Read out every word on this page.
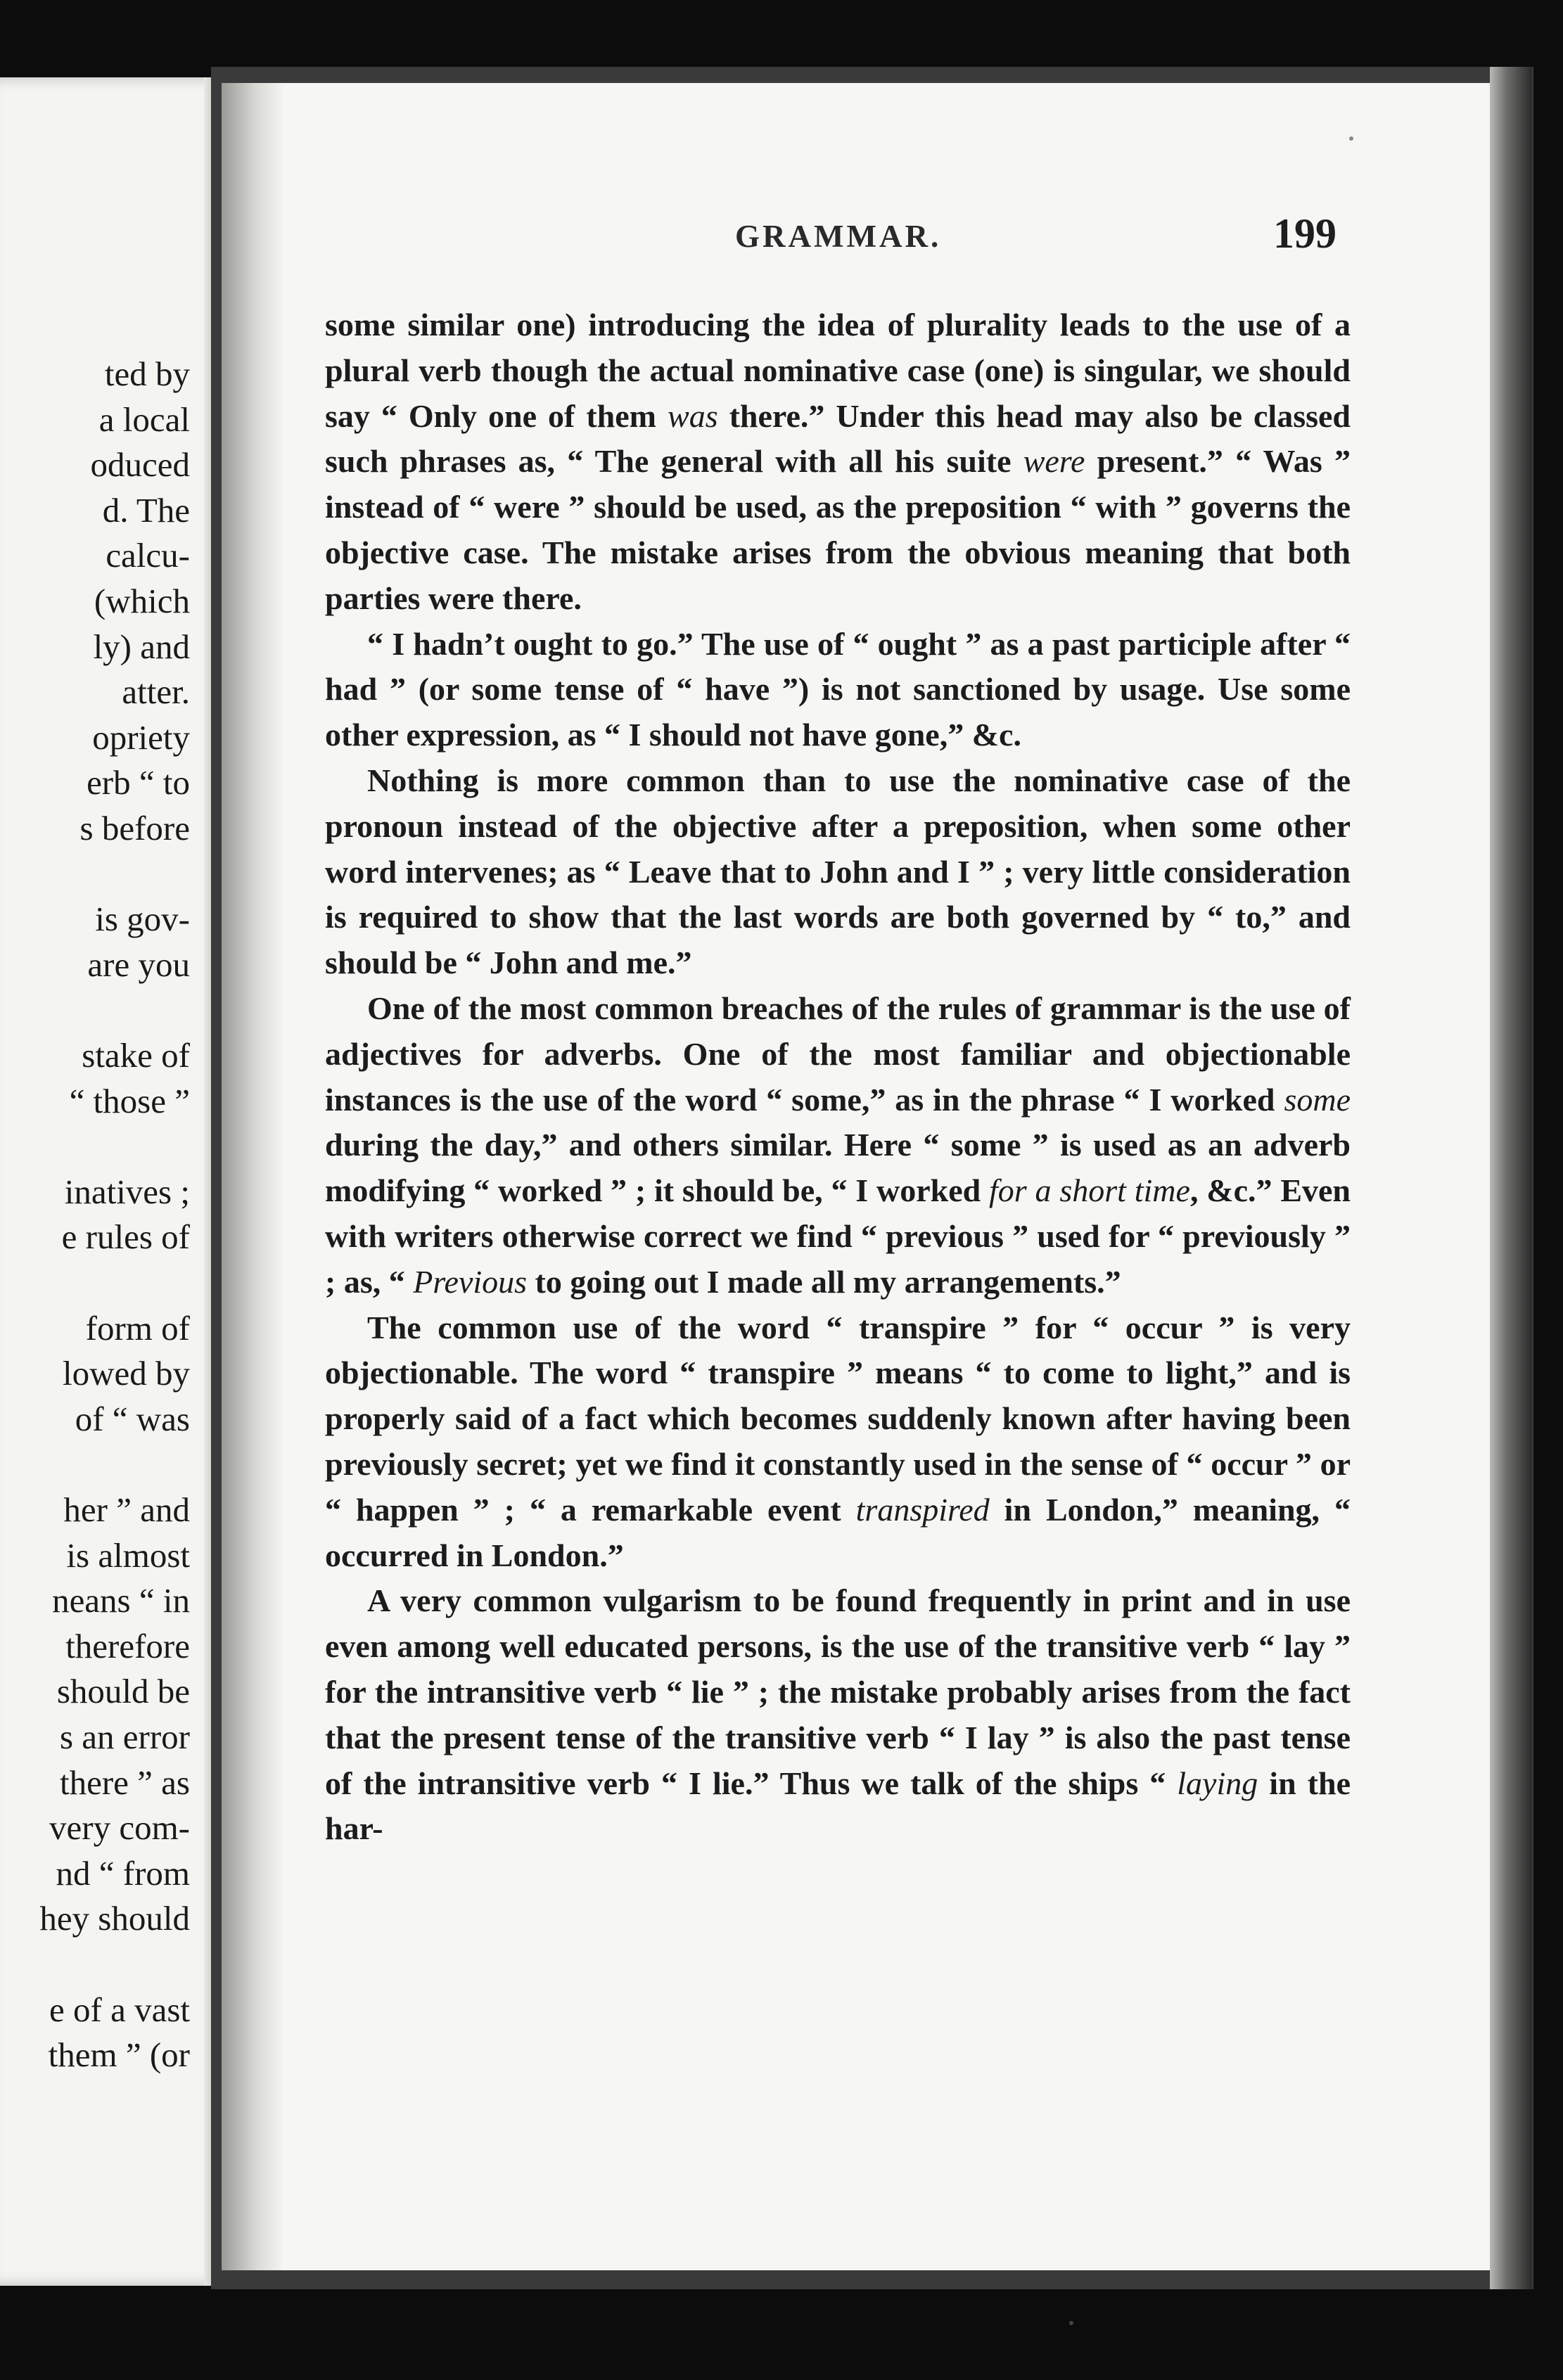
ted by
a local
oduced
d. The
calcu-
(which
ly) and
atter.
opriety
erb “ to
s before
is gov-
are you
stake of
“ those ”
inatives ;
e rules of
form of
lowed by
of “ was
her ” and
is almost
neans “ in
therefore
should be
s an error
there ” as
very com-
nd “ from
hey should
e of a vast
them ” (or
GRAMMAR.	199

some similar one) introducing the idea of plurality leads to the use of a plural verb though the actual nominative case (one) is singular, we should say “ Only one of them was there.” Under this head may also be classed such phrases as, “ The general with all his suite were present.” “ Was ” instead of “ were ” should be used, as the preposition “ with ” governs the objective case. The mistake arises from the obvious meaning that both parties were there.

“ I hadn’t ought to go.” The use of “ ought ” as a past participle after “ had ” (or some tense of “ have ”) is not sanctioned by usage. Use some other expression, as “ I should not have gone,” &c.

Nothing is more common than to use the nominative case of the pronoun instead of the objective after a preposition, when some other word intervenes; as “ Leave that to John and I ” ; very little consideration is required to show that the last words are both governed by “ to,” and should be “ John and me.”

One of the most common breaches of the rules of grammar is the use of adjectives for adverbs. One of the most familiar and objectionable instances is the use of the word “ some,” as in the phrase “ I worked some during the day,” and others similar. Here “ some ” is used as an adverb modifying “ worked ” ; it should be, “ I worked for a short time, &c.” Even with writers otherwise correct we find “ previous ” used for “ previously ” ; as, “ Previous to going out I made all my arrangements.”

The common use of the word “ transpire ” for “ occur ” is very objectionable. The word “ transpire ” means “ to come to light,” and is properly said of a fact which becomes suddenly known after having been previously secret; yet we find it constantly used in the sense of “ occur ” or “ happen ” ; “ a remarkable event transpired in London,” meaning, “ occurred in London.”

A very common vulgarism to be found frequently in print and in use even among well educated persons, is the use of the transitive verb “ lay ” for the intransitive verb “ lie ” ; the mistake probably arises from the fact that the present tense of the transitive verb “ I lay ” is also the past tense of the intransitive verb “ I lie.” Thus we talk of the ships “ laying in the har-
